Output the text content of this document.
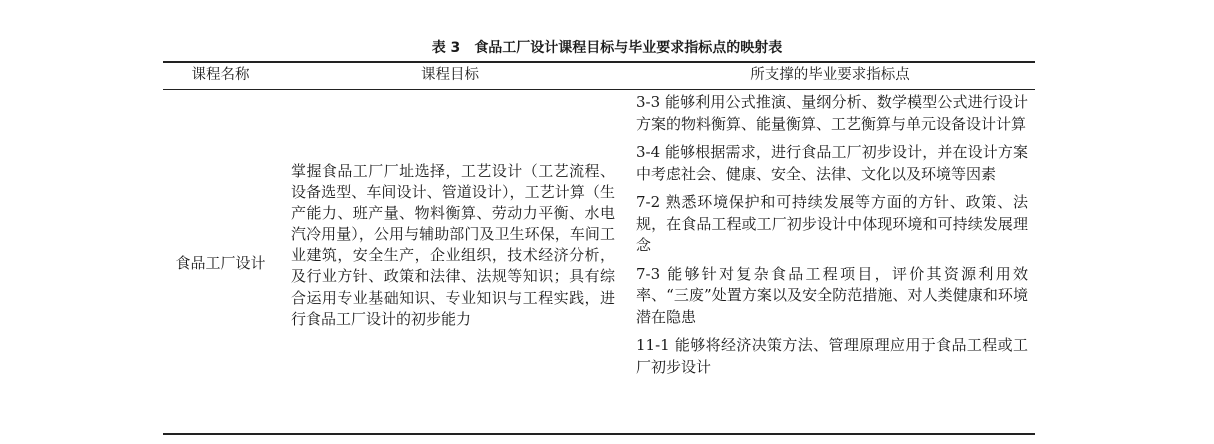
表 3 食品工厂设计课程目标与毕业要求指标点的映射表
课程名称	课程目标	所支撑的毕业要求指标点
食品工厂设计
掌握食品工厂厂址选择，工艺设计（工艺流程、设备选型、车间设计、管道设计），工艺计算（生产能力、班产量、物料衡算、劳动力平衡、水电汽冷用量），公用与辅助部门及卫生环保，车间工业建筑，安全生产，企业组织，技术经济分析，及行业方针、政策和法律、法规等知识；具有综合运用专业基础知识、专业知识与工程实践，进行食品工厂设计的初步能力

3-3 能够利用公式推演、量纲分析、数学模型公式进行设计方案的物料衡算、能量衡算、工艺衡算与单元设备设计计算

3-4 能够根据需求，进行食品工厂初步设计，并在设计方案中考虑社会、健康、安全、法律、文化以及环境等因素

7-2 熟悉环境保护和可持续发展等方面的方针、政策、法规，在食品工程或工厂初步设计中体现环境和可持续发展理念

7-3 能够针对复杂食品工程项目，评价其资源利用效率、“三废”处置方案以及安全防范措施、对人类健康和环境潜在隐患

11-1 能够将经济决策方法、管理原理应用于食品工程或工厂初步设计
